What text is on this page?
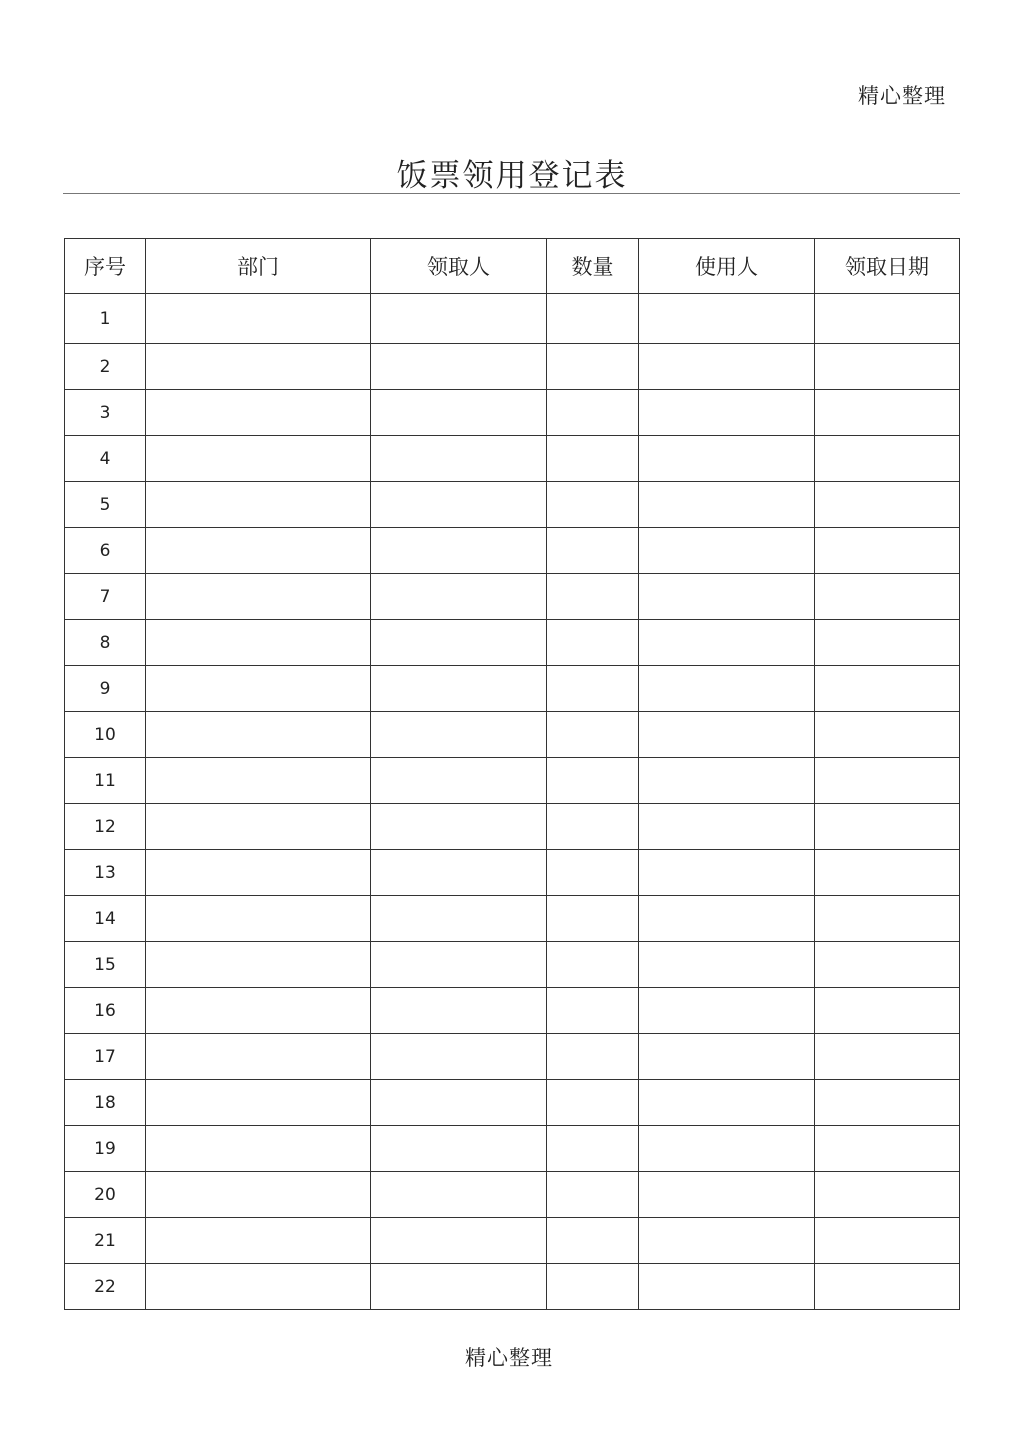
精心整理
饭票领用登记表
序号	部门	领取人	数量	使用人	领取日期
1					
2					
3					
4					
5					
6					
7					
8					
9					
10					
11					
12					
13					
14					
15					
16					
17					
18					
19					
20					
21					
22					
精心整理
